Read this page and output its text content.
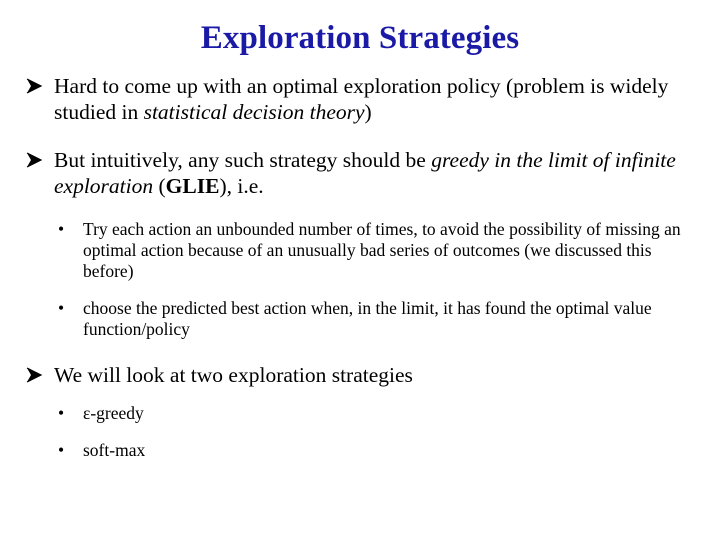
Exploration Strategies
Hard to come up with an optimal exploration policy (problem is widely studied in statistical decision theory)
But intuitively, any such strategy should be greedy in the limit of infinite exploration (GLIE), i.e.
• Try each action an unbounded number of times, to avoid the possibility of missing an optimal action because of an unusually bad series of outcomes (we discussed this before)
• choose the predicted best action when, in the limit, it has found the optimal value function/policy
We will look at two exploration strategies
• ε-greedy
• soft-max
